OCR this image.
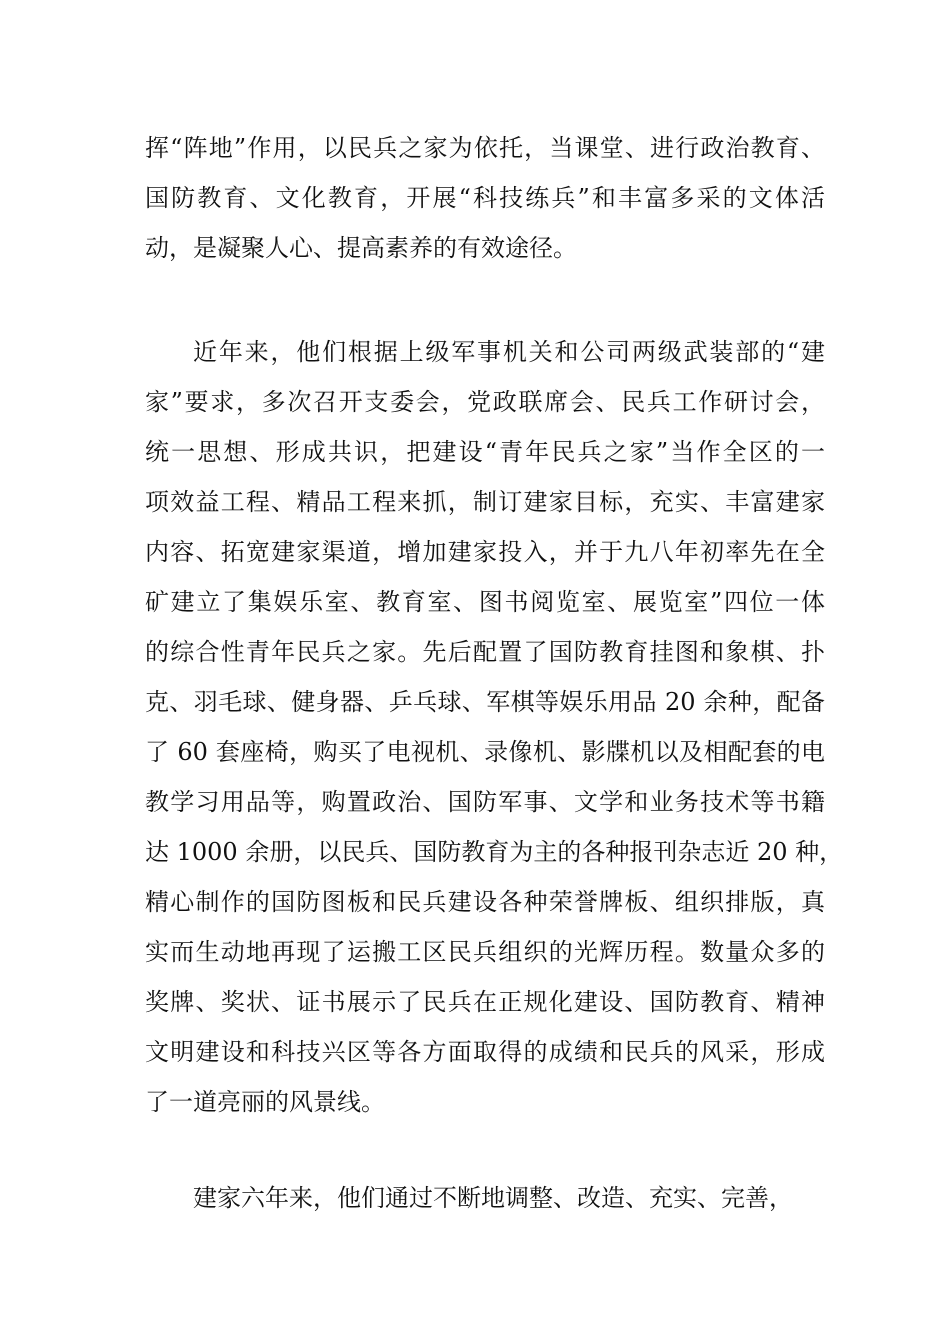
挥“阵地”作用，以民兵之家为依托，当课堂、进行政治教育、
国防教育、文化教育，开展“科技练兵”和丰富多采的文体活
动，是凝聚人心、提高素养的有效途径。
近年来，他们根据上级军事机关和公司两级武装部的“建
家”要求，多次召开支委会，党政联席会、民兵工作研讨会，
统一思想、形成共识，把建设“青年民兵之家”当作全区的一
项效益工程、精品工程来抓，制订建家目标，充实、丰富建家
内容、拓宽建家渠道，增加建家投入，并于九八年初率先在全
矿建立了集娱乐室、教育室、图书阅览室、展览室”四位一体
的综合性青年民兵之家。先后配置了国防教育挂图和象棋、扑
克、羽毛球、健身器、乒乓球、军棋等娱乐用品 20 余种，配备
了 60 套座椅，购买了电视机、录像机、影牒机以及相配套的电
教学习用品等，购置政治、国防军事、文学和业务技术等书籍
达 1000 余册，以民兵、国防教育为主的各种报刊杂志近 20 种，
精心制作的国防图板和民兵建设各种荣誉牌板、组织排版，真
实而生动地再现了运搬工区民兵组织的光辉历程。数量众多的
奖牌、奖状、证书展示了民兵在正规化建设、国防教育、精神
文明建设和科技兴区等各方面取得的成绩和民兵的风采，形成
了一道亮丽的风景线。
建家六年来，他们通过不断地调整、改造、充实、完善，
